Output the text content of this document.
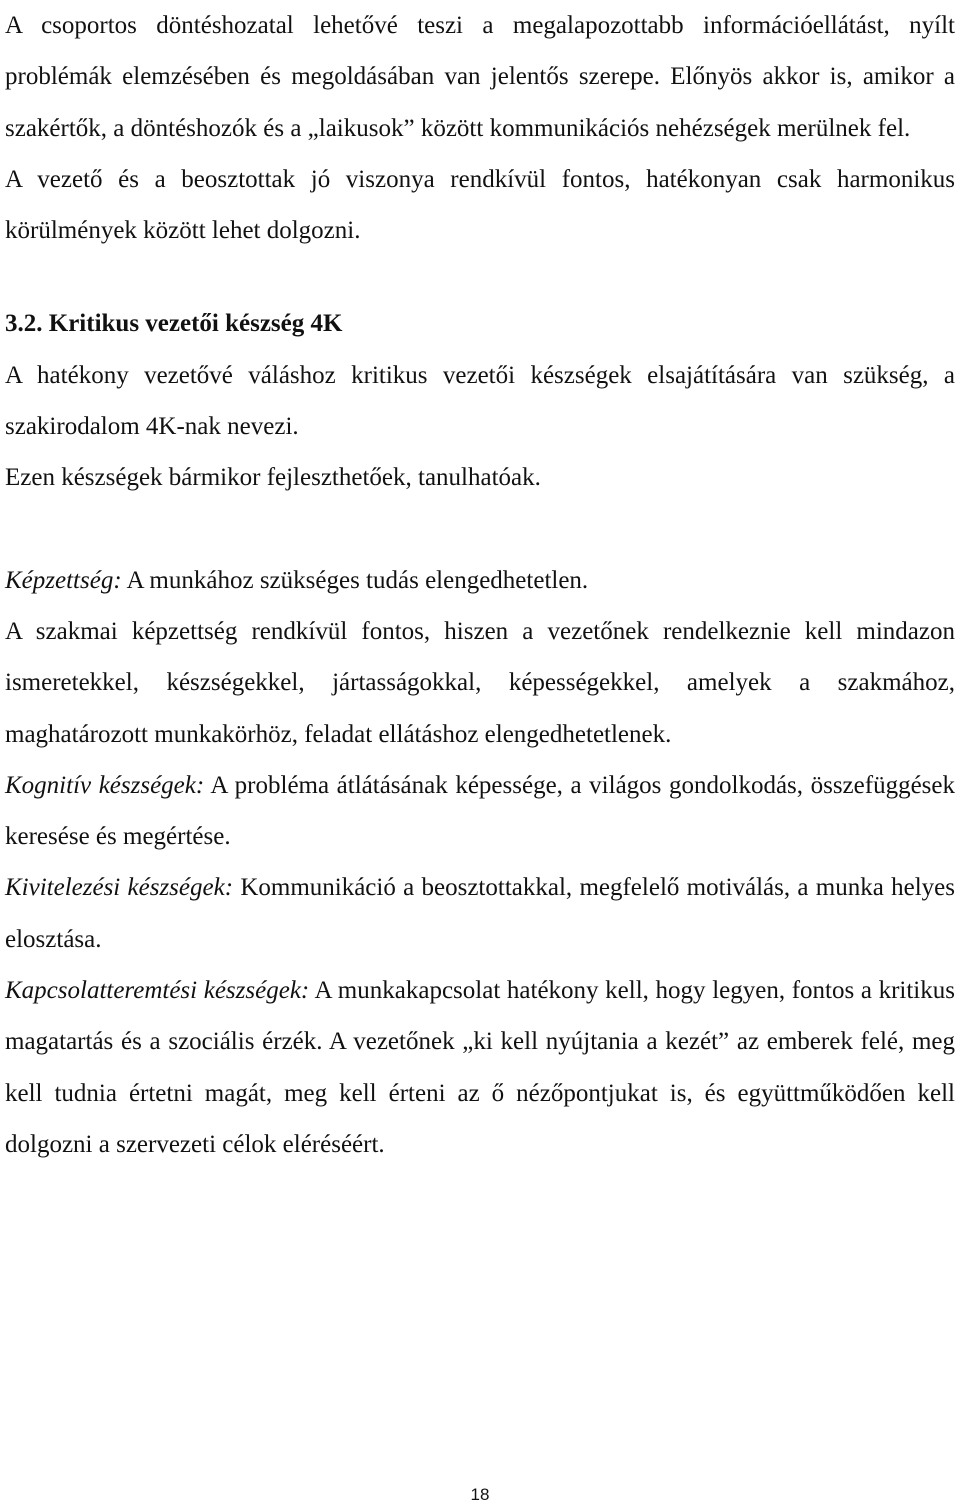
A csoportos döntéshozatal lehetővé teszi a megalapozottabb információellátást, nyílt problémák elemzésében és megoldásában van jelentős szerepe. Előnyös akkor is, amikor a szakértők, a döntéshozók és a „laikusok” között kommunikációs nehézségek merülnek fel.

A vezető és a beosztottak jó viszonya rendkívül fontos, hatékonyan csak harmonikus körülmények között lehet dolgozni.

3.2. Kritikus vezetői készség 4K

A hatékony vezetővé váláshoz kritikus vezetői készségek elsajátítására van szükség, a szakirodalom 4K-nak nevezi.

Ezen készségek bármikor fejleszthetőek, tanulhatóak.

Képzettség: A munkához szükséges tudás elengedhetetlen.

A szakmai képzettség rendkívül fontos, hiszen a vezetőnek rendelkeznie kell mindazon ismeretekkel, készségekkel, jártasságokkal, képességekkel, amelyek a szakmához, maghatározott munkakörhöz, feladat ellátáshoz elengedhetetlenek.

Kognitív készségek: A probléma átlátásának képessége, a világos gondolkodás, összefüggések keresése és megértése.

Kivitelezési készségek: Kommunikáció a beosztottakkal, megfelelő motiválás, a munka helyes elosztása.

Kapcsolatteremtési készségek: A munkakapcsolat hatékony kell, hogy legyen, fontos a kritikus magatartás és a szociális érzék. A vezetőnek „ki kell nyújtania a kezét” az emberek felé, meg kell tudnia értetni magát, meg kell érteni az ő nézőpontjukat is, és együttműködően kell dolgozni a szervezeti célok eléréséért.

18
